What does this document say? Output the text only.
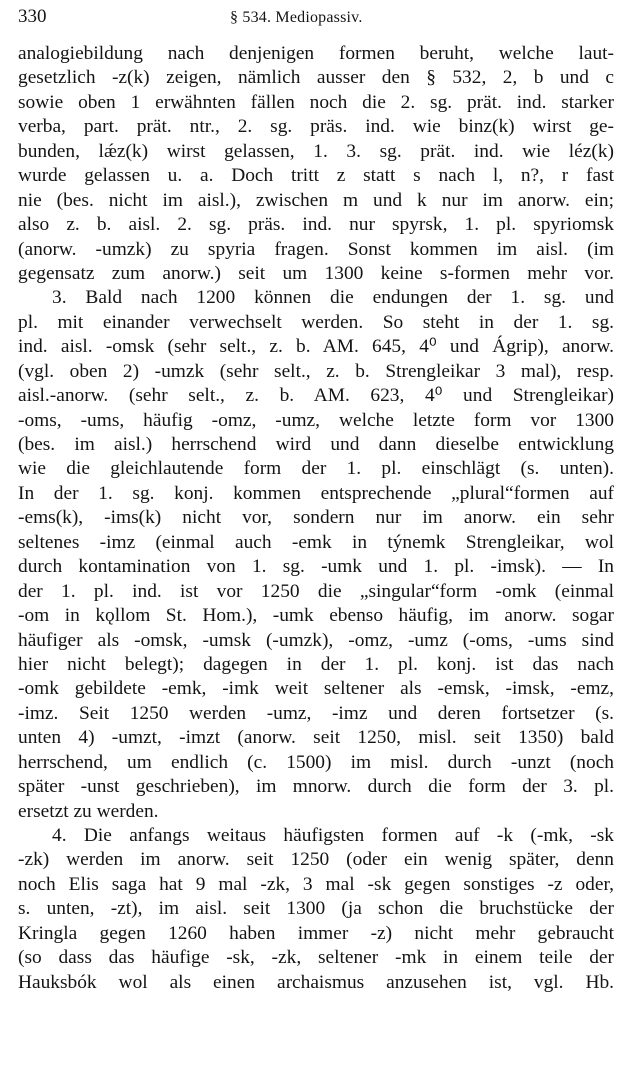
330	§ 534. Mediopassiv.
analogiebildung nach denjenigen formen beruht, welche laut-
gesetzlich -z(k) zeigen, nämlich ausser den § 532, 2, b und c
sowie oben 1 erwähnten fällen noch die 2. sg. prät. ind. starker
verba, part. prät. ntr., 2. sg. präs. ind. wie binz(k) wirst ge-
bunden, lǽz(k) wirst gelassen, 1. 3. sg. prät. ind. wie léz(k)
wurde gelassen u. a. Doch tritt z statt s nach l, n?, r fast
nie (bes. nicht im aisl.), zwischen m und k nur im anorw. ein;
also z. b. aisl. 2. sg. präs. ind. nur spyrsk, 1. pl. spyriomsk
(anorw. -umzk) zu spyria fragen. Sonst kommen im aisl. (im
gegensatz zum anorw.) seit um 1300 keine s-formen mehr vor.
3. Bald nach 1200 können die endungen der 1. sg. und
pl. mit einander verwechselt werden. So steht in der 1. sg.
ind. aisl. -omsk (sehr selt., z. b. AM. 645, 4⁰ und Ágrip), anorw.
(vgl. oben 2) -umzk (sehr selt., z. b. Strengleikar 3 mal), resp.
aisl.-anorw. (sehr selt., z. b. AM. 623, 4⁰ und Strengleikar)
-oms, -ums, häufig -omz, -umz, welche letzte form vor 1300
(bes. im aisl.) herrschend wird und dann dieselbe entwicklung
wie die gleichlautende form der 1. pl. einschlägt (s. unten).
In der 1. sg. konj. kommen entsprechende „plural“formen auf
-ems(k), -ims(k) nicht vor, sondern nur im anorw. ein sehr
seltenes -imz (einmal auch -emk in týnemk Strengleikar, wol
durch kontamination von 1. sg. -umk und 1. pl. -imsk). — In
der 1. pl. ind. ist vor 1250 die „singular“form -omk (einmal
-om in kǫllom St. Hom.), -umk ebenso häufig, im anorw. sogar
häufiger als -omsk, -umsk (-umzk), -omz, -umz (-oms, -ums sind
hier nicht belegt); dagegen in der 1. pl. konj. ist das nach
-omk gebildete -emk, -imk weit seltener als -emsk, -imsk, -emz,
-imz. Seit 1250 werden -umz, -imz und deren fortsetzer (s.
unten 4) -umzt, -imzt (anorw. seit 1250, misl. seit 1350) bald
herrschend, um endlich (c. 1500) im misl. durch -unzt (noch
später -unst geschrieben), im mnorw. durch die form der 3. pl.
ersetzt zu werden.
4. Die anfangs weitaus häufigsten formen auf -k (-mk, -sk
-zk) werden im anorw. seit 1250 (oder ein wenig später, denn
noch Elis saga hat 9 mal -zk, 3 mal -sk gegen sonstiges -z oder,
s. unten, -zt), im aisl. seit 1300 (ja schon die bruchstücke der
Kringla gegen 1260 haben immer -z) nicht mehr gebraucht
(so dass das häufige -sk, -zk, seltener -mk in einem teile der
Hauksbók wol als einen archaismus anzusehen ist, vgl. Hb.
